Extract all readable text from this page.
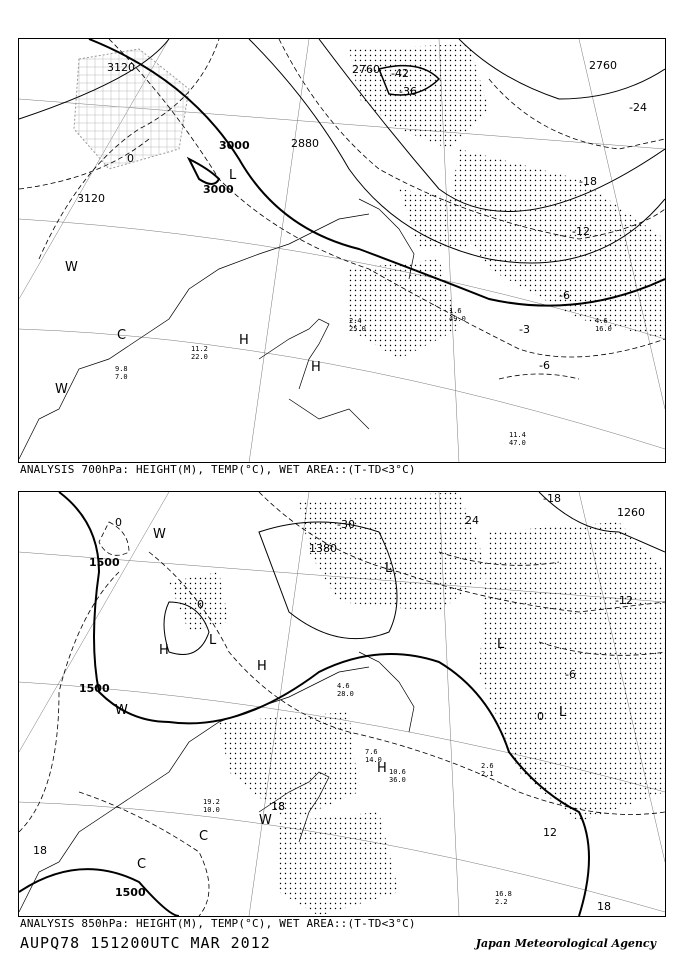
3120
3000
3000
2880
2760
3120
2760
0
-3
-6
-12
-18
-24
-36
-42
-6
L
H
H
W
W
C
11.4
47.0
4.6
16.0
1.6
49.0
2.4
25.0
9.8
7.0
11.2
22.0
ANALYSIS 700hPa: HEIGHT(M), TEMP(°C), WET AREA::(T-TD<3°C)
1500
1500
1500
1380
1260
0
0
-30	24
-18
-12
-6
0
12
18
18
18
H
H
L
L
L
L
W
W
W
C
C
H
16.8
2.2
4.6
28.0
7.6
14.0
10.6
36.0
19.2
10.0
2.6
2.1
ANALYSIS 850hPa: HEIGHT(M), TEMP(°C), WET AREA::(T-TD<3°C)
AUPQ78 151200UTC MAR 2012	Japan Meteorological Agency
